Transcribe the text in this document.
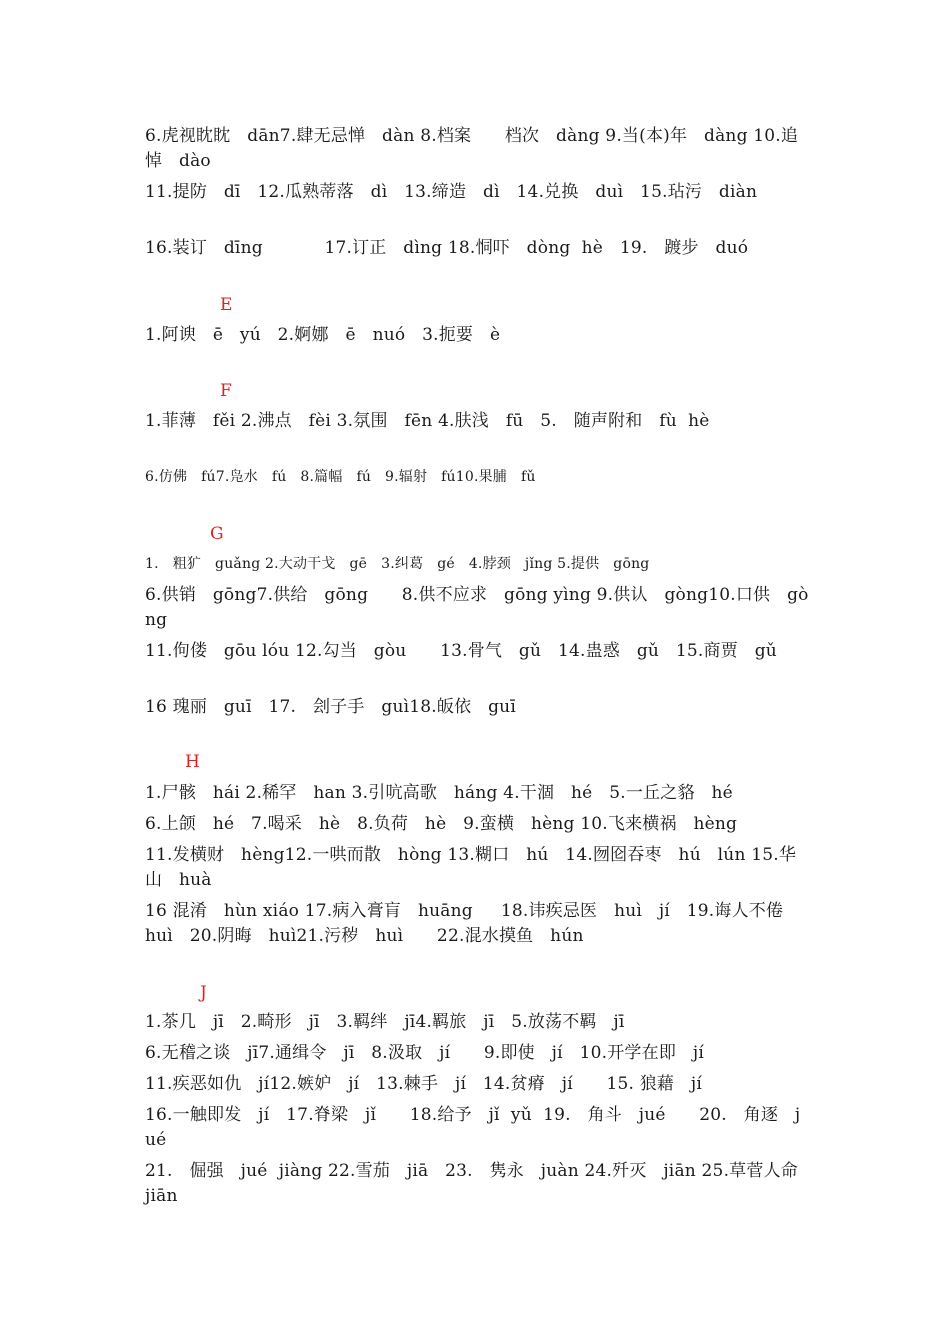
6.虎视眈眈   dān7.肆无忌惮   dàn 8.档案      档次   dàng 9.当(本)年   dàng 10.追悼   dào
11.提防   dī   12.瓜熟蒂落   dì   13.缔造   dì   14.兑换   duì   15.玷污   diàn
16.装订   dīng           17.订正   dìng 18.恫吓   dòng  hè   19.   踱步   duó
E
1.阿谀   ē   yú   2.婀娜   ē   nuó   3.扼要   è
F
1.菲薄   fěi 2.沸点   fèi 3.氛围   fēn 4.肤浅   fū   5.   随声附和   fù  hè
6.仿佛   fú7.凫水   fú   8.篇幅   fú   9.辐射   fú10.果脯   fǔ
G
1.   粗犷   guǎng 2.大动干戈   gē   3.纠葛   gé   4.脖颈   jǐng 5.提供   gōng
6.供销   gōng7.供给   gōng      8.供不应求   gōng yìng 9.供认   gòng10.口供   gòng
11.佝偻   gōu lóu 12.勾当   gòu      13.骨气   gǔ   14.蛊惑   gǔ   15.商贾   gǔ
16 瑰丽   guī   17.   刽子手   guì18.皈依   guī
H
1.尸骸   hái 2.稀罕   han 3.引吭高歌   háng 4.干涸   hé   5.一丘之貉   hé
6.上颌   hé   7.喝采   hè   8.负荷   hè   9.蛮横   hèng 10.飞来横祸   hèng
11.发横财   hèng12.一哄而散   hòng 13.糊口   hú   14.囫囵吞枣   hú   lún 15.华山   huà
16 混淆   hùn xiáo 17.病入膏肓   huāng     18.讳疾忌医   huì   jí   19.诲人不倦   huì   20.阴晦   huì21.污秽   huì      22.混水摸鱼   hún
J
1.茶几   jī   2.畸形   jī   3.羁绊   jī4.羁旅   jī   5.放荡不羁   jī
6.无稽之谈   jī7.通缉令   jī   8.汲取   jí      9.即使   jí   10.开学在即   jí
11.疾恶如仇   jí12.嫉妒   jí   13.棘手   jí   14.贫瘠   jí      15. 狼藉   jí
16.一触即发   jí   17.脊梁   jǐ      18.给予   jǐ  yǔ  19.   角斗   jué      20.   角逐   jué
21.   倔强   jué  jiàng 22.雪茄   jiā   23.   隽永   juàn 24.歼灭   jiān 25.草菅人命   jiān
